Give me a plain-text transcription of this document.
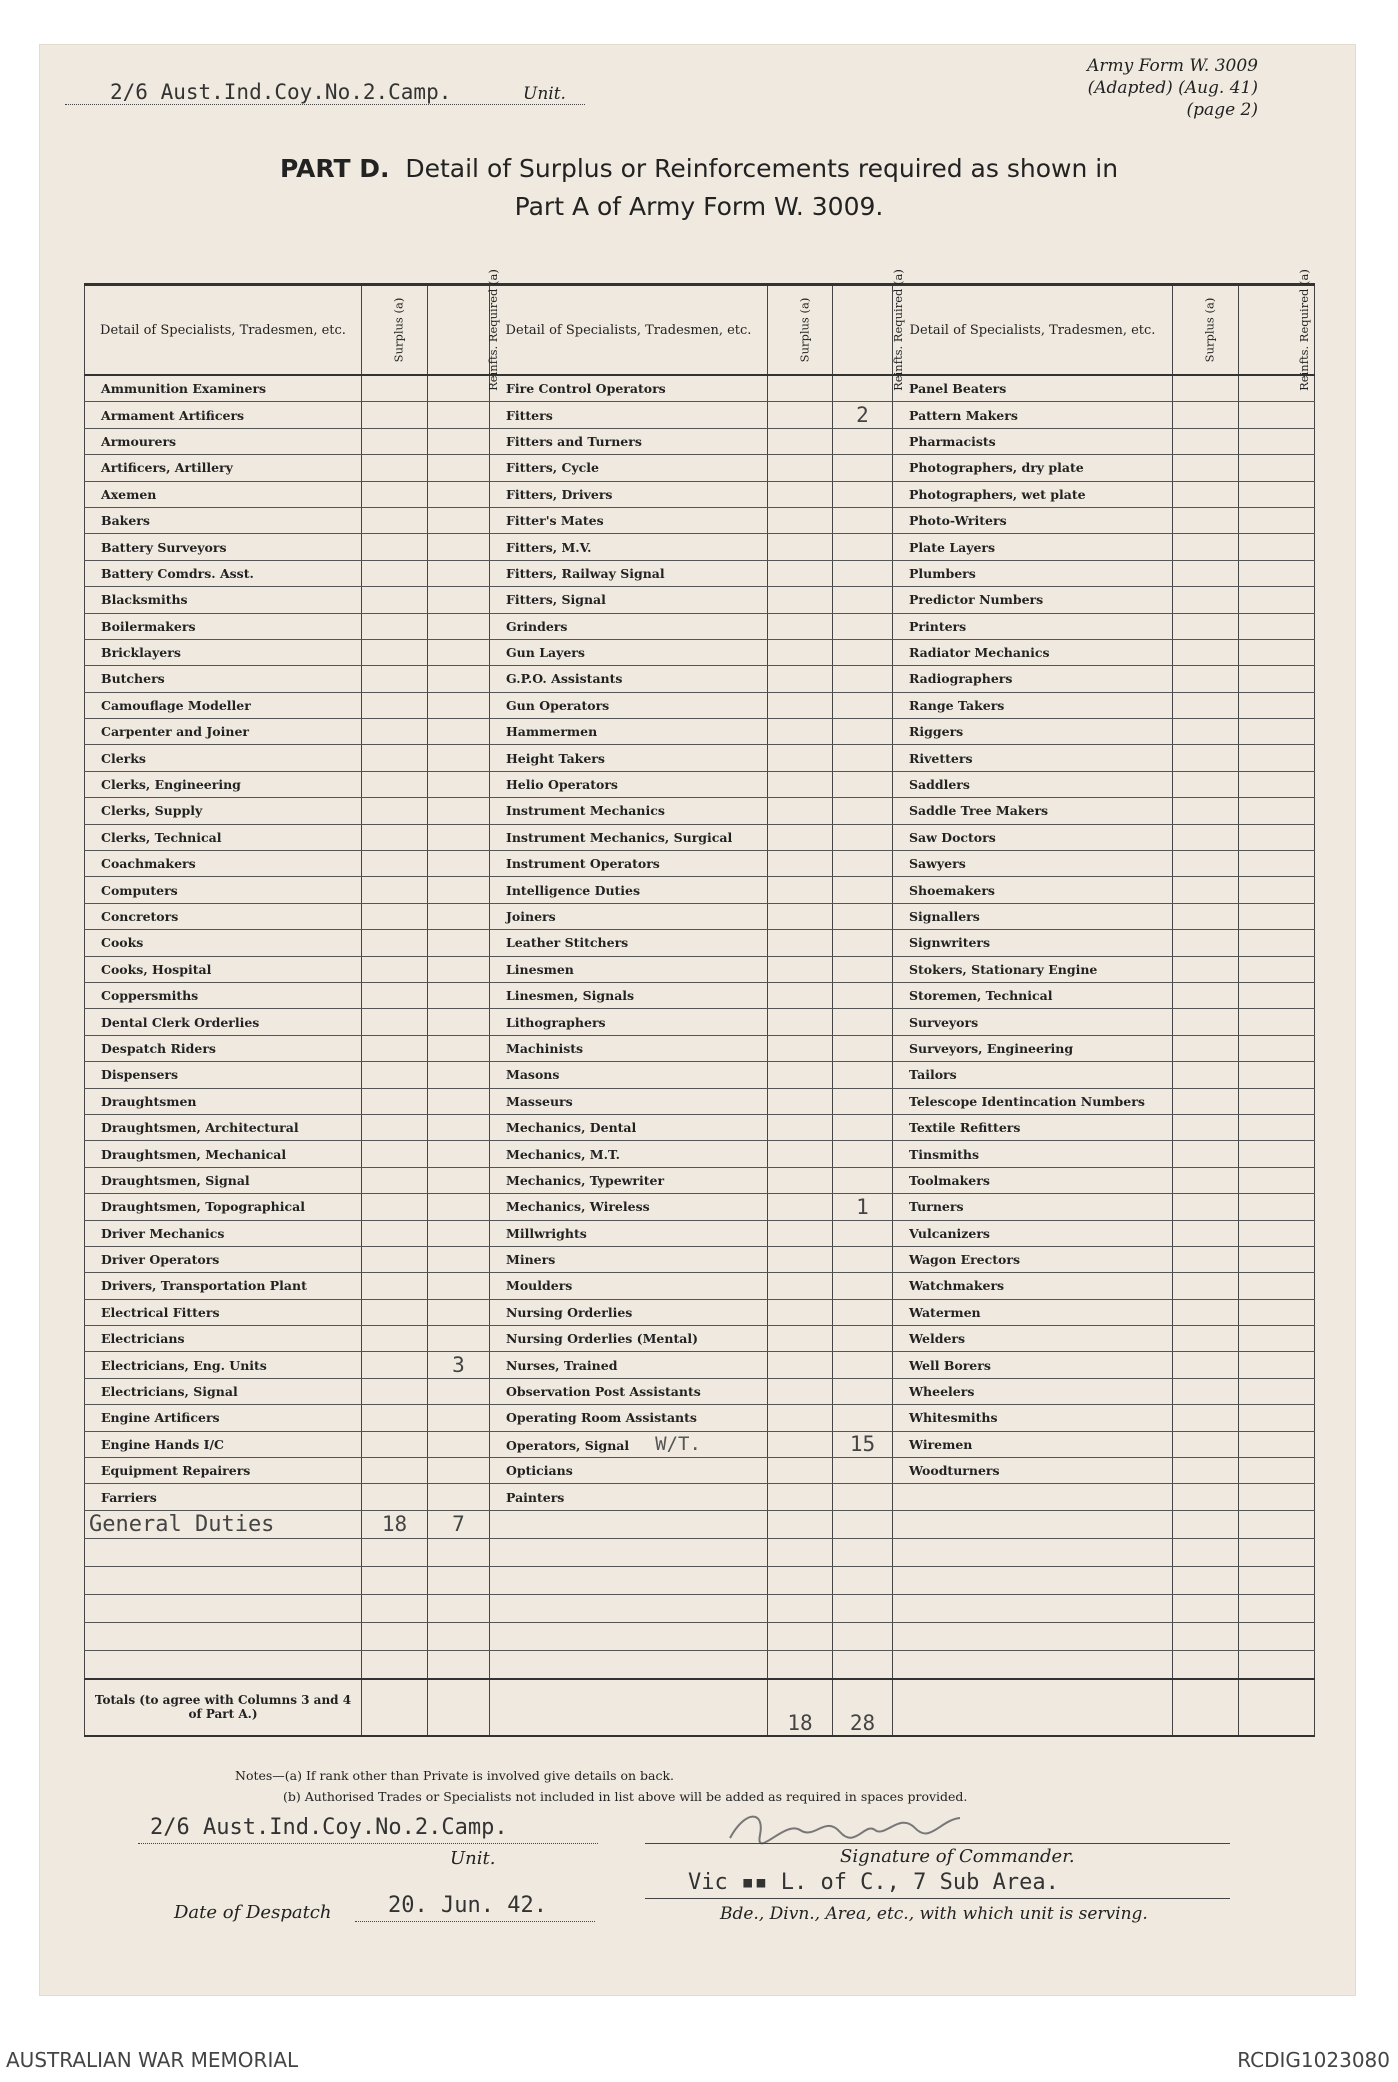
2/6 Aust.Ind.Coy.No.2.Camp.	Unit.
Army Form W. 3009
(Adapted) (Aug. 41)
(page 2)
PART D. Detail of Surplus or Reinforcements required as shown in
Part A of Army Form W. 3009.
Detail of Specialists, Tradesmen, etc.	Surplus (a)	Reinfts. Required (a)	Detail of Specialists, Tradesmen, etc.	Surplus (a)	Reinfts. Required (a)	Detail of Specialists, Tradesmen, etc.	Surplus (a)	Reinfts. Required (a)
Ammunition Examiners			Fire Control Operators			Panel Beaters		
Armament Artificers			Fitters		2	Pattern Makers		
Armourers			Fitters and Turners			Pharmacists		
Artificers, Artillery			Fitters, Cycle			Photographers, dry plate		
Axemen			Fitters, Drivers			Photographers, wet plate		
Bakers			Fitter's Mates			Photo-Writers		
Battery Surveyors			Fitters, M.V.			Plate Layers		
Battery Comdrs. Asst.			Fitters, Railway Signal			Plumbers		
Blacksmiths			Fitters, Signal			Predictor Numbers		
Boilermakers			Grinders			Printers		
Bricklayers			Gun Layers			Radiator Mechanics		
Butchers			G.P.O. Assistants			Radiographers		
Camouflage Modeller			Gun Operators			Range Takers		
Carpenter and Joiner			Hammermen			Riggers		
Clerks			Height Takers			Rivetters		
Clerks, Engineering			Helio Operators			Saddlers		
Clerks, Supply			Instrument Mechanics			Saddle Tree Makers		
Clerks, Technical			Instrument Mechanics, Surgical			Saw Doctors		
Coachmakers			Instrument Operators			Sawyers		
Computers			Intelligence Duties			Shoemakers		
Concretors			Joiners			Signallers		
Cooks			Leather Stitchers			Signwriters		
Cooks, Hospital			Linesmen			Stokers, Stationary Engine		
Coppersmiths			Linesmen, Signals			Storemen, Technical		
Dental Clerk Orderlies			Lithographers			Surveyors		
Despatch Riders			Machinists			Surveyors, Engineering		
Dispensers			Masons			Tailors		
Draughtsmen			Masseurs			Telescope Identincation Numbers		
Draughtsmen, Architectural			Mechanics, Dental			Textile Refitters		
Draughtsmen, Mechanical			Mechanics, M.T.			Tinsmiths		
Draughtsmen, Signal			Mechanics, Typewriter			Toolmakers		
Draughtsmen, Topographical			Mechanics, Wireless		1	Turners		
Driver Mechanics			Millwrights			Vulcanizers		
Driver Operators			Miners			Wagon Erectors		
Drivers, Transportation Plant			Moulders			Watchmakers		
Electrical Fitters			Nursing Orderlies			Watermen		
Electricians			Nursing Orderlies (Mental)			Welders		
Electricians, Eng. Units		3	Nurses, Trained			Well Borers		
Electricians, Signal			Observation Post Assistants			Wheelers		
Engine Artificers			Operating Room Assistants			Whitesmiths		
Engine Hands I/C			Operators, Signal W/T.		15	Wiremen		
Equipment Repairers			Opticians			Woodturners		
Farriers			Painters					
General Duties	18	7						

Totals (to agree with Columns 3 and 4 of Part A.)				18	28			
Notes—(a) If rank other than Private is involved give details on back.
(b) Authorised Trades or Specialists not included in list above will be added as required in spaces provided.
2/6 Aust.Ind.Coy.No.2.Camp.
Unit.	Signature of Commander.
Vic ▪▪ L. of C., 7 Sub Area.
Bde., Divn., Area, etc., with which unit is serving.
Date of Despatch	20. Jun. 42.
AUSTRALIAN WAR MEMORIAL	RCDIG1023080
